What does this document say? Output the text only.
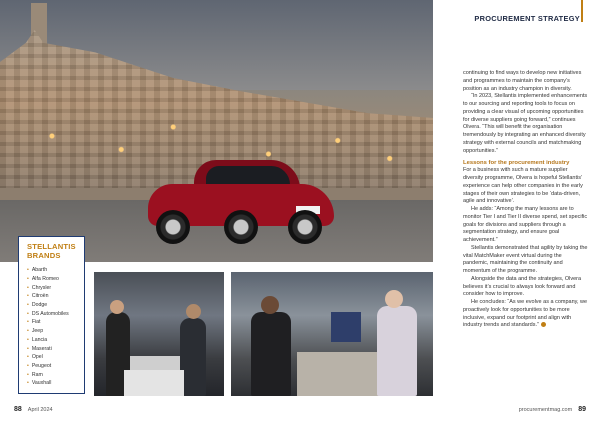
STELLANTIS BRANDS
• Abarth
• Alfa Romeo
• Chrysler
• Citroën
• Dodge
• DS Automobiles
• Fiat
• Jeep
• Lancia
• Maserati
• Opel
• Peugeot
• Ram
• Vauxhall
PROCUREMENT STRATEGY

continuing to find ways to develop new initiatives and programmes to maintain the company’s position as an industry champion in diversity.

“In 2023, Stellantis implemented enhancements to our sourcing and reporting tools to focus on providing a clear visual of upcoming opportunities for diverse suppliers going forward,” continues Olvera. “This will benefit the organisation tremendously by integrating an enhanced diversity strategy with external councils and matchmaking opportunities.”

Lessons for the procurement industry

For a business with such a mature supplier diversity programme, Olvera is hopeful Stellantis’ experience can help other companies in the early stages of their own strategies to be ‘data-driven, agile and innovative’.

He adds: “Among the many lessons are to monitor Tier I and Tier II diverse spend, set specific goals for divisions and suppliers through a segmentation strategy, and ensure goal achievement.”

Stellantis demonstrated that agility by taking the vital MatchMaker event virtual during the pandemic, maintaining the continuity and momentum of the programme.

Alongside the data and the strategies, Olvera believes it’s crucial to always look forward and consider how to improve.

He concludes: “As we evolve as a company, we proactively look for opportunities to be more inclusive, expand our footprint and align with industry trends and standards.”

88 April 2024	procurementmag.com 89
